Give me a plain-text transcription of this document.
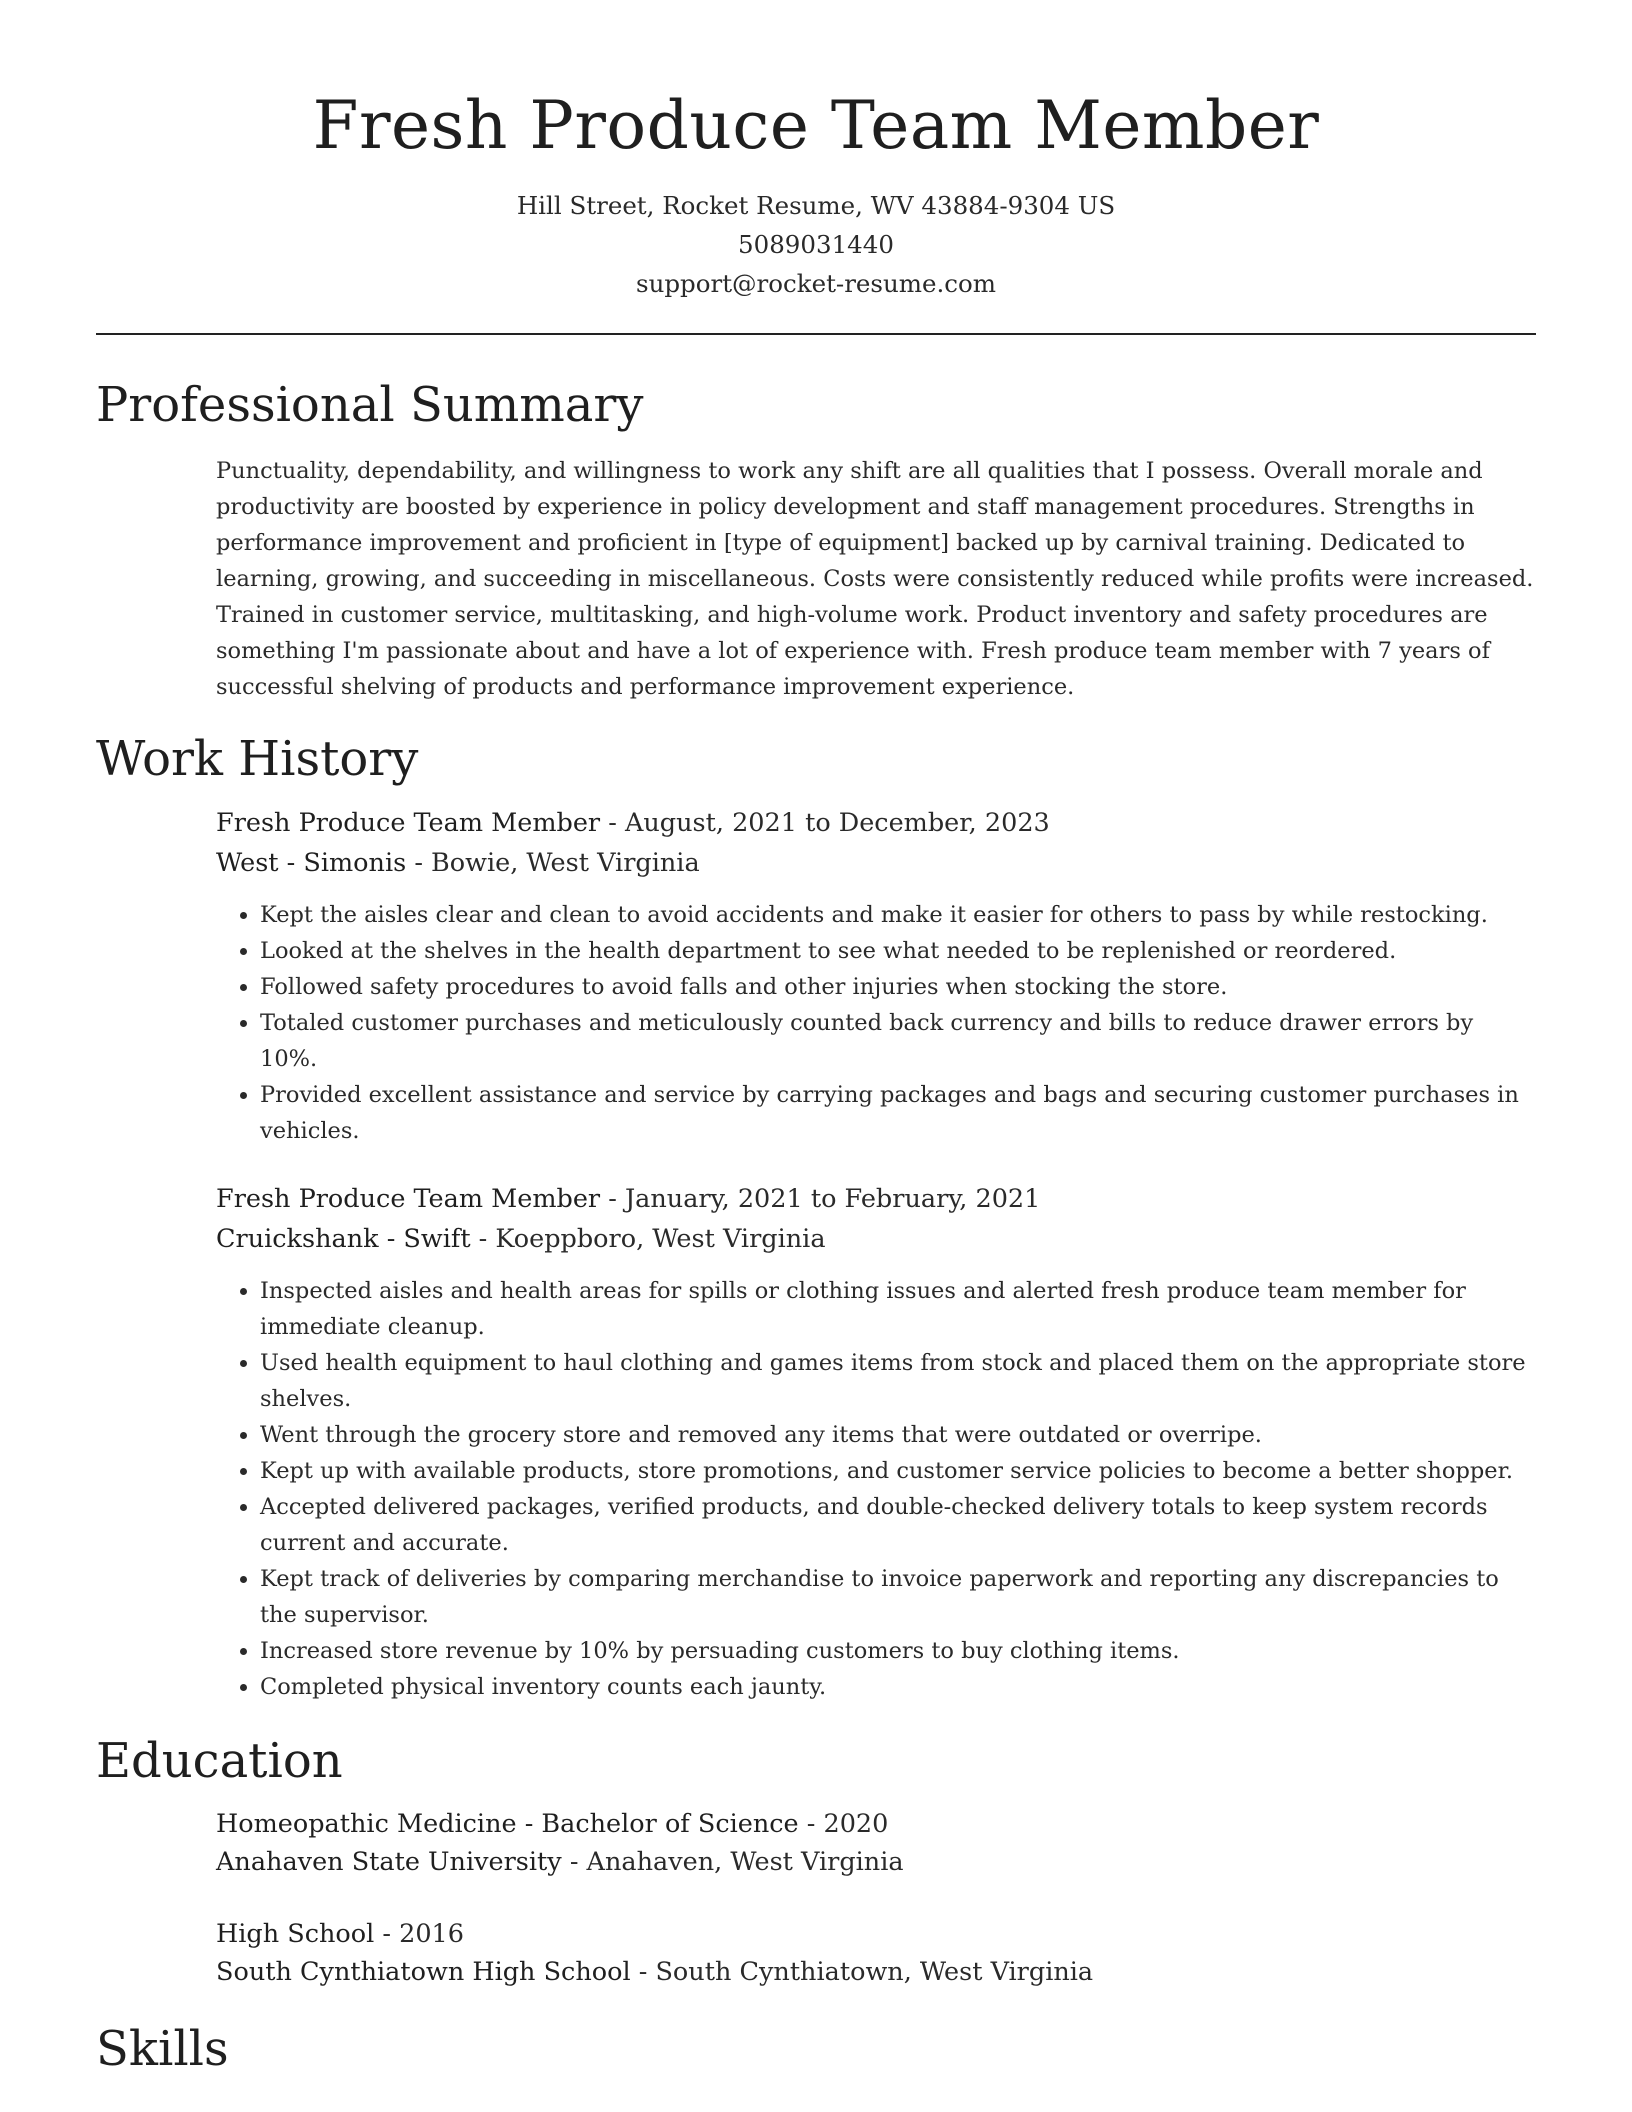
Fresh Produce Team Member
Hill Street, Rocket Resume, WV 43884-9304 US
5089031440
support@rocket-resume.com
Professional Summary

Punctuality, dependability, and willingness to work any shift are all qualities that I possess. Overall morale and productivity are boosted by experience in policy development and staff management procedures. Strengths in performance improvement and proficient in [type of equipment] backed up by carnival training. Dedicated to learning, growing, and succeeding in miscellaneous. Costs were consistently reduced while profits were increased. Trained in customer service, multitasking, and high-volume work. Product inventory and safety procedures are something I'm passionate about and have a lot of experience with. Fresh produce team member with 7 years of successful shelving of products and performance improvement experience.

Work History
Fresh Produce Team Member - August, 2021 to December, 2023
West - Simonis - Bowie, West Virginia
• Kept the aisles clear and clean to avoid accidents and make it easier for others to pass by while restocking.
• Looked at the shelves in the health department to see what needed to be replenished or reordered.
• Followed safety procedures to avoid falls and other injuries when stocking the store.
• Totaled customer purchases and meticulously counted back currency and bills to reduce drawer errors by 10%.
• Provided excellent assistance and service by carrying packages and bags and securing customer purchases in vehicles.
Fresh Produce Team Member - January, 2021 to February, 2021
Cruickshank - Swift - Koeppboro, West Virginia
• Inspected aisles and health areas for spills or clothing issues and alerted fresh produce team member for immediate cleanup.
• Used health equipment to haul clothing and games items from stock and placed them on the appropriate store shelves.
• Went through the grocery store and removed any items that were outdated or overripe.
• Kept up with available products, store promotions, and customer service policies to become a better shopper.
• Accepted delivered packages, verified products, and double-checked delivery totals to keep system records current and accurate.
• Kept track of deliveries by comparing merchandise to invoice paperwork and reporting any discrepancies to the supervisor.
• Increased store revenue by 10% by persuading customers to buy clothing items.
• Completed physical inventory counts each jaunty.
Education
Homeopathic Medicine - Bachelor of Science - 2020
Anahaven State University - Anahaven, West Virginia
High School - 2016
South Cynthiatown High School - South Cynthiatown, West Virginia
Skills
